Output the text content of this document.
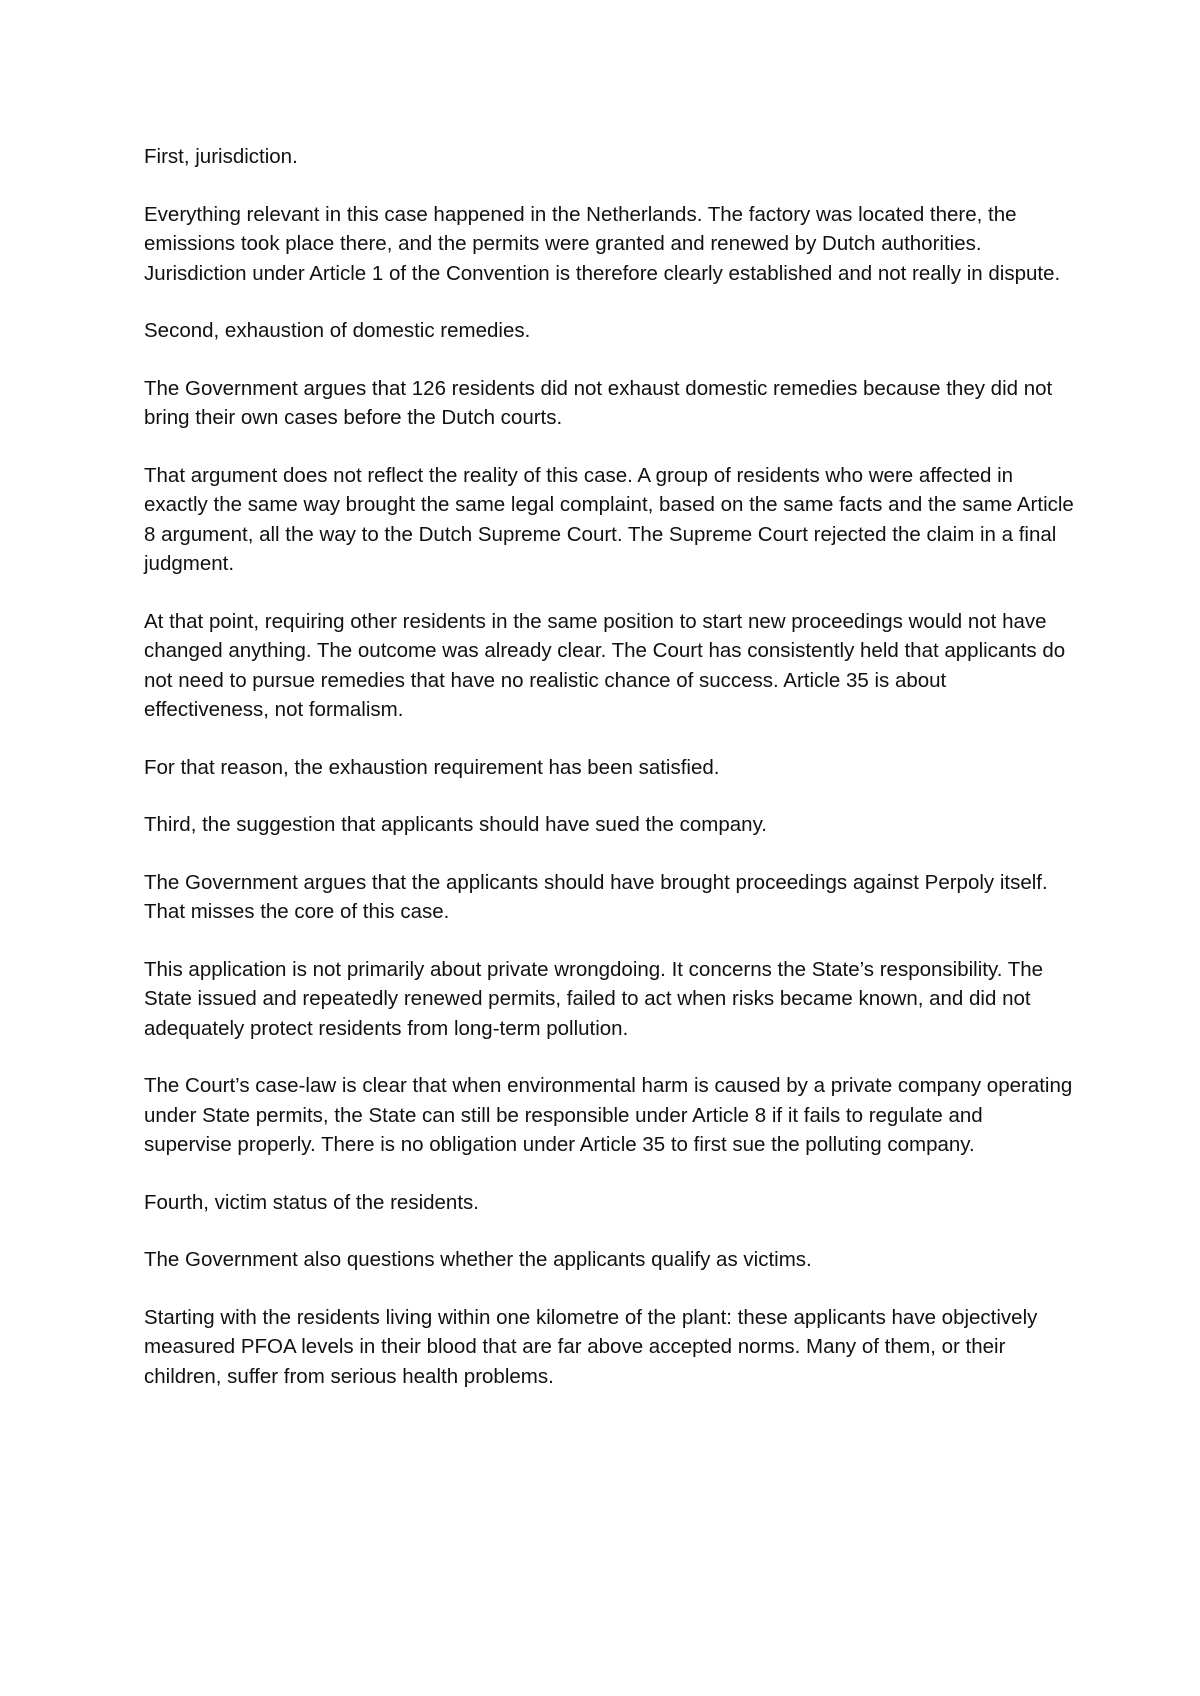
First, jurisdiction.

Everything relevant in this case happened in the Netherlands. The factory was located there, the emissions took place there, and the permits were granted and renewed by Dutch authorities. Jurisdiction under Article 1 of the Convention is therefore clearly established and not really in dispute.

Second, exhaustion of domestic remedies.

The Government argues that 126 residents did not exhaust domestic remedies because they did not bring their own cases before the Dutch courts.

That argument does not reflect the reality of this case. A group of residents who were affected in exactly the same way brought the same legal complaint, based on the same facts and the same Article 8 argument, all the way to the Dutch Supreme Court. The Supreme Court rejected the claim in a final judgment.

At that point, requiring other residents in the same position to start new proceedings would not have changed anything. The outcome was already clear. The Court has consistently held that applicants do not need to pursue remedies that have no realistic chance of success. Article 35 is about effectiveness, not formalism.

For that reason, the exhaustion requirement has been satisfied.

Third, the suggestion that applicants should have sued the company.

The Government argues that the applicants should have brought proceedings against Perpoly itself. That misses the core of this case.

This application is not primarily about private wrongdoing. It concerns the State’s responsibility. The State issued and repeatedly renewed permits, failed to act when risks became known, and did not adequately protect residents from long-term pollution.

The Court’s case-law is clear that when environmental harm is caused by a private company operating under State permits, the State can still be responsible under Article 8 if it fails to regulate and supervise properly. There is no obligation under Article 35 to first sue the polluting company.

Fourth, victim status of the residents.

The Government also questions whether the applicants qualify as victims.

Starting with the residents living within one kilometre of the plant: these applicants have objectively measured PFOA levels in their blood that are far above accepted norms. Many of them, or their children, suffer from serious health problems.
